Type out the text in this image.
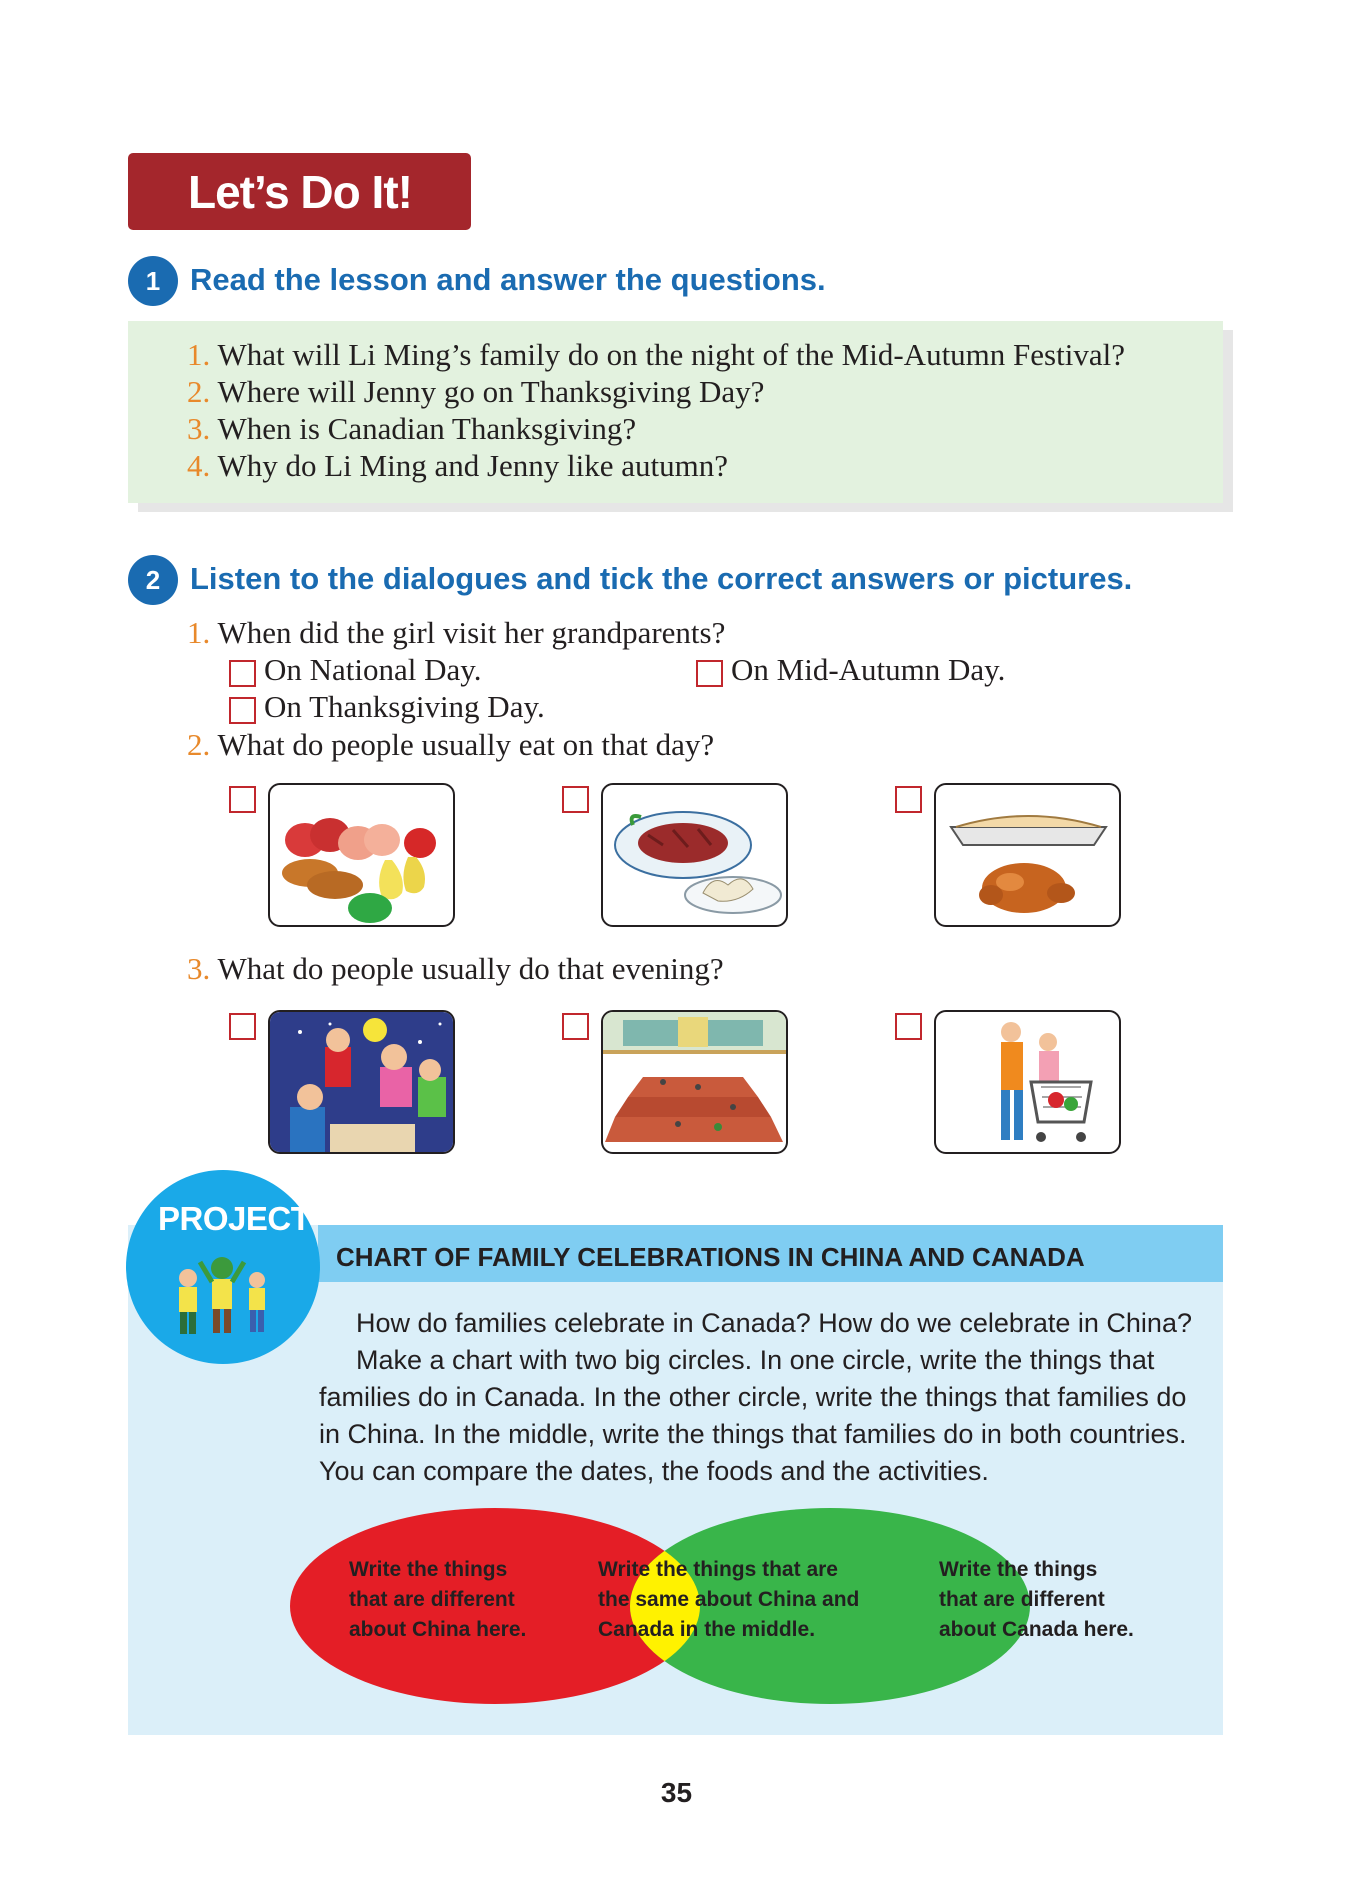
Let’s Do It!
1 Read the lesson and answer the questions.
1. What will Li Ming’s family do on the night of the Mid-Autumn Festival?
2. Where will Jenny go on Thanksgiving Day?
3. When is Canadian Thanksgiving?
4. Why do Li Ming and Jenny like autumn?
2 Listen to the dialogues and tick the correct answers or pictures.
1. When did the girl visit her grandparents?
On National Day.	On Mid-Autumn Day.
On Thanksgiving Day.
2. What do people usually eat on that day?
3. What do people usually do that evening?
CHART OF FAMILY CELEBRATIONS IN CHINA AND CANADA
PROJECT
How do families celebrate in Canada? How do we celebrate in China?
Make a chart with two big circles. In one circle, write the things that
families do in Canada. In the other circle, write the things that families do
in China. In the middle, write the things that families do in both countries.
You can compare the dates, the foods and the activities.
Write the things
that are different
about China here.
Write the things that are
the same about China and
Canada in the middle.
Write the things
that are different
about Canada here.
35
